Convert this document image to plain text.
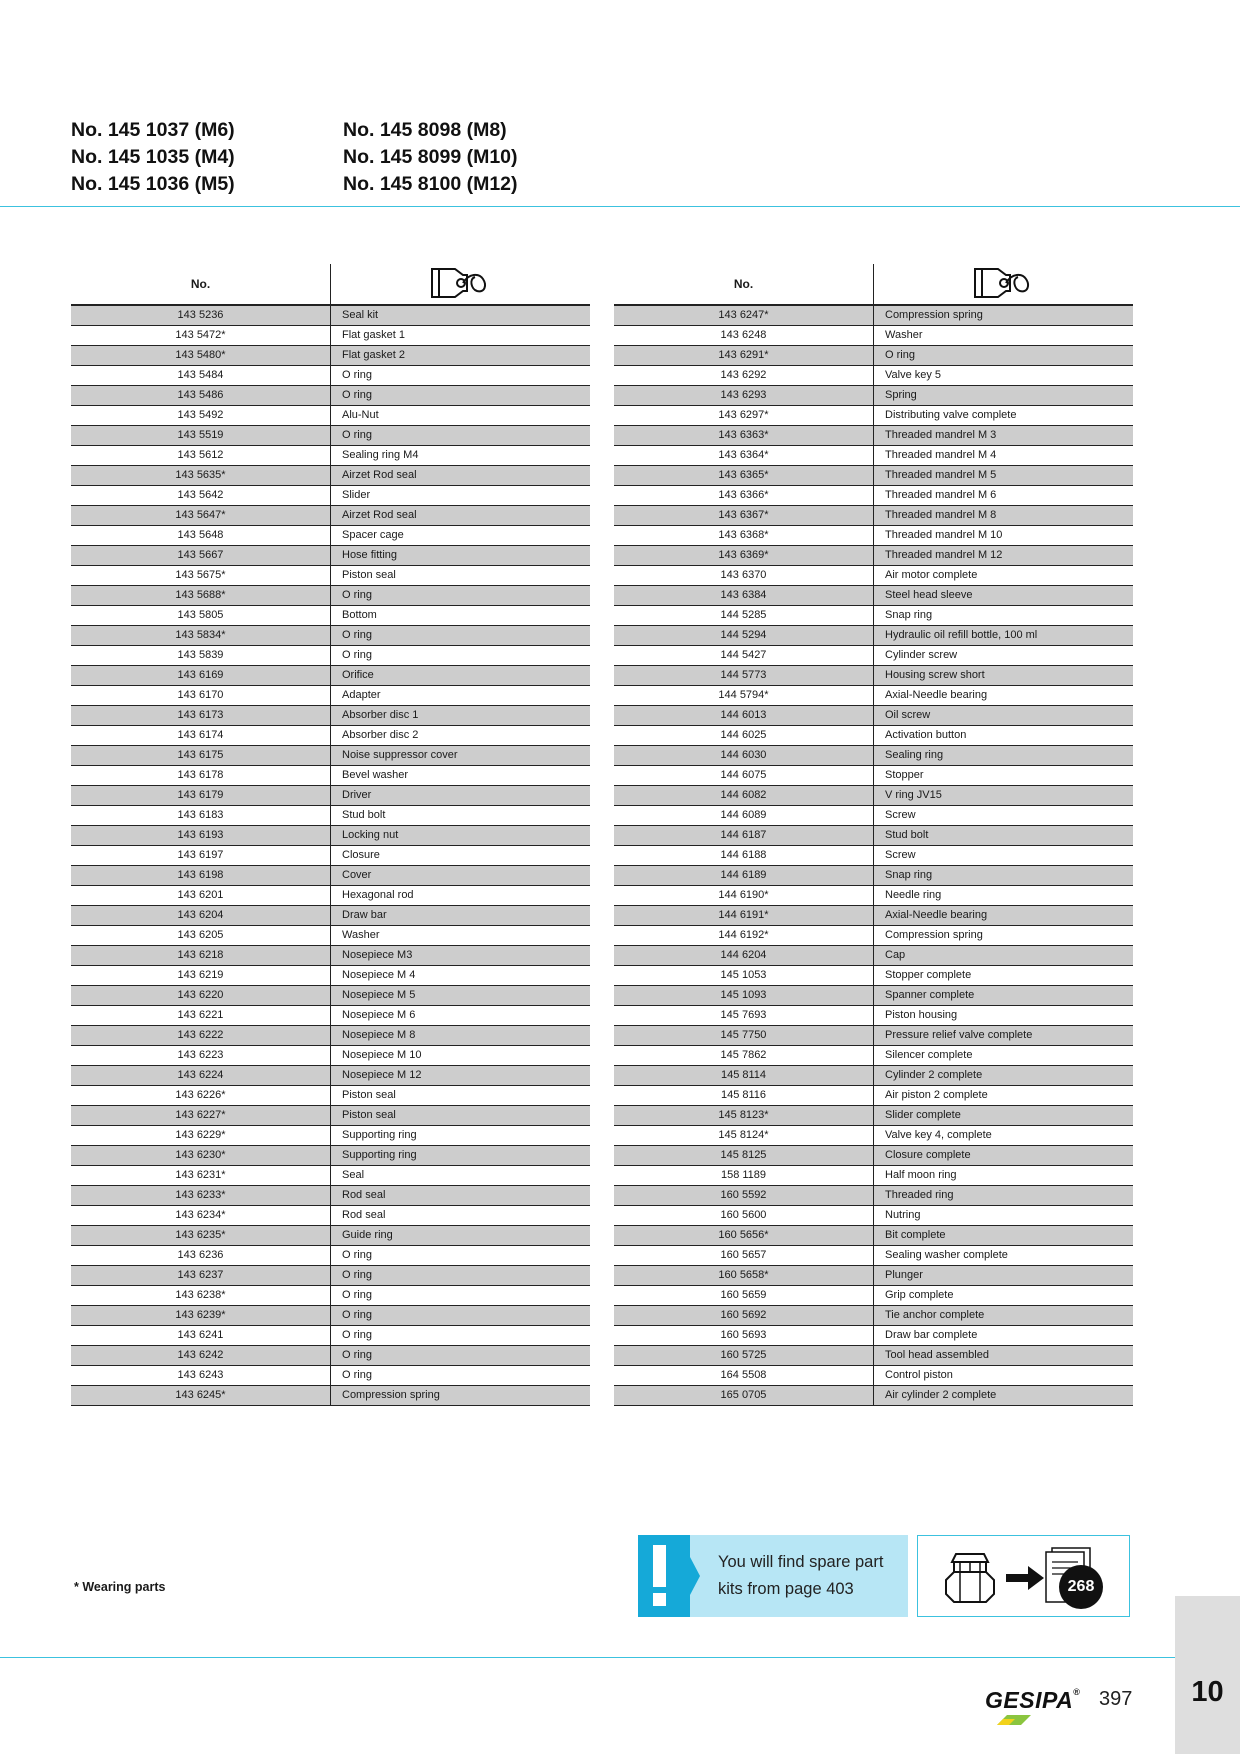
No. 145 1037 (M6)
No. 145 1035 (M4)
No. 145 1036 (M5)
No. 145 8098 (M8)
No. 145 8099 (M10)
No. 145 8100 (M12)
No.	
143 5236	Seal kit
143 5472*	Flat gasket 1
143 5480*	Flat gasket 2
143 5484	O ring
143 5486	O ring
143 5492	Alu-Nut
143 5519	O ring
143 5612	Sealing ring M4
143 5635*	Airzet Rod seal
143 5642	Slider
143 5647*	Airzet Rod seal
143 5648	Spacer cage
143 5667	Hose fitting
143 5675*	Piston seal
143 5688*	O ring
143 5805	Bottom
143 5834*	O ring
143 5839	O ring
143 6169	Orifice
143 6170	Adapter
143 6173	Absorber disc 1
143 6174	Absorber disc 2
143 6175	Noise suppressor cover
143 6178	Bevel washer
143 6179	Driver
143 6183	Stud bolt
143 6193	Locking nut
143 6197	Closure
143 6198	Cover
143 6201	Hexagonal rod
143 6204	Draw bar
143 6205	Washer
143 6218	Nosepiece M3
143 6219	Nosepiece M 4
143 6220	Nosepiece M 5
143 6221	Nosepiece M 6
143 6222	Nosepiece M 8
143 6223	Nosepiece M 10
143 6224	Nosepiece M 12
143 6226*	Piston seal
143 6227*	Piston seal
143 6229*	Supporting ring
143 6230*	Supporting ring
143 6231*	Seal
143 6233*	Rod seal
143 6234*	Rod seal
143 6235*	Guide ring
143 6236	O ring
143 6237	O ring
143 6238*	O ring
143 6239*	O ring
143 6241	O ring
143 6242	O ring
143 6243	O ring
143 6245*	Compression spring
No.	
143 6247*	Compression spring
143 6248	Washer
143 6291*	O ring
143 6292	Valve key 5
143 6293	Spring
143 6297*	Distributing valve complete
143 6363*	Threaded mandrel M 3
143 6364*	Threaded mandrel M 4
143 6365*	Threaded mandrel M 5
143 6366*	Threaded mandrel M 6
143 6367*	Threaded mandrel M 8
143 6368*	Threaded mandrel M 10
143 6369*	Threaded mandrel M 12
143 6370	Air motor complete
143 6384	Steel head sleeve
144 5285	Snap ring
144 5294	Hydraulic oil refill bottle, 100 ml
144 5427	Cylinder screw
144 5773	Housing screw short
144 5794*	Axial-Needle bearing
144 6013	Oil screw
144 6025	Activation button
144 6030	Sealing ring
144 6075	Stopper
144 6082	V ring JV15
144 6089	Screw
144 6187	Stud bolt
144 6188	Screw
144 6189	Snap ring
144 6190*	Needle ring
144 6191*	Axial-Needle bearing
144 6192*	Compression spring
144 6204	Cap
145 1053	Stopper complete
145 1093	Spanner complete
145 7693	Piston housing
145 7750	Pressure relief valve complete
145 7862	Silencer complete
145 8114	Cylinder 2 complete
145 8116	Air piston 2 complete
145 8123*	Slider complete
145 8124*	Valve key 4, complete
145 8125	Closure complete
158 1189	Half moon ring
160 5592	Threaded ring
160 5600	Nutring
160 5656*	Bit complete
160 5657	Sealing washer complete
160 5658*	Plunger
160 5659	Grip complete
160 5692	Tie anchor complete
160 5693	Draw bar complete
160 5725	Tool head assembled
164 5508	Control piston
165 0705	Air cylinder 2 complete
* Wearing parts
You will find spare part kits from page 403	268
GESIPA® 397	10
